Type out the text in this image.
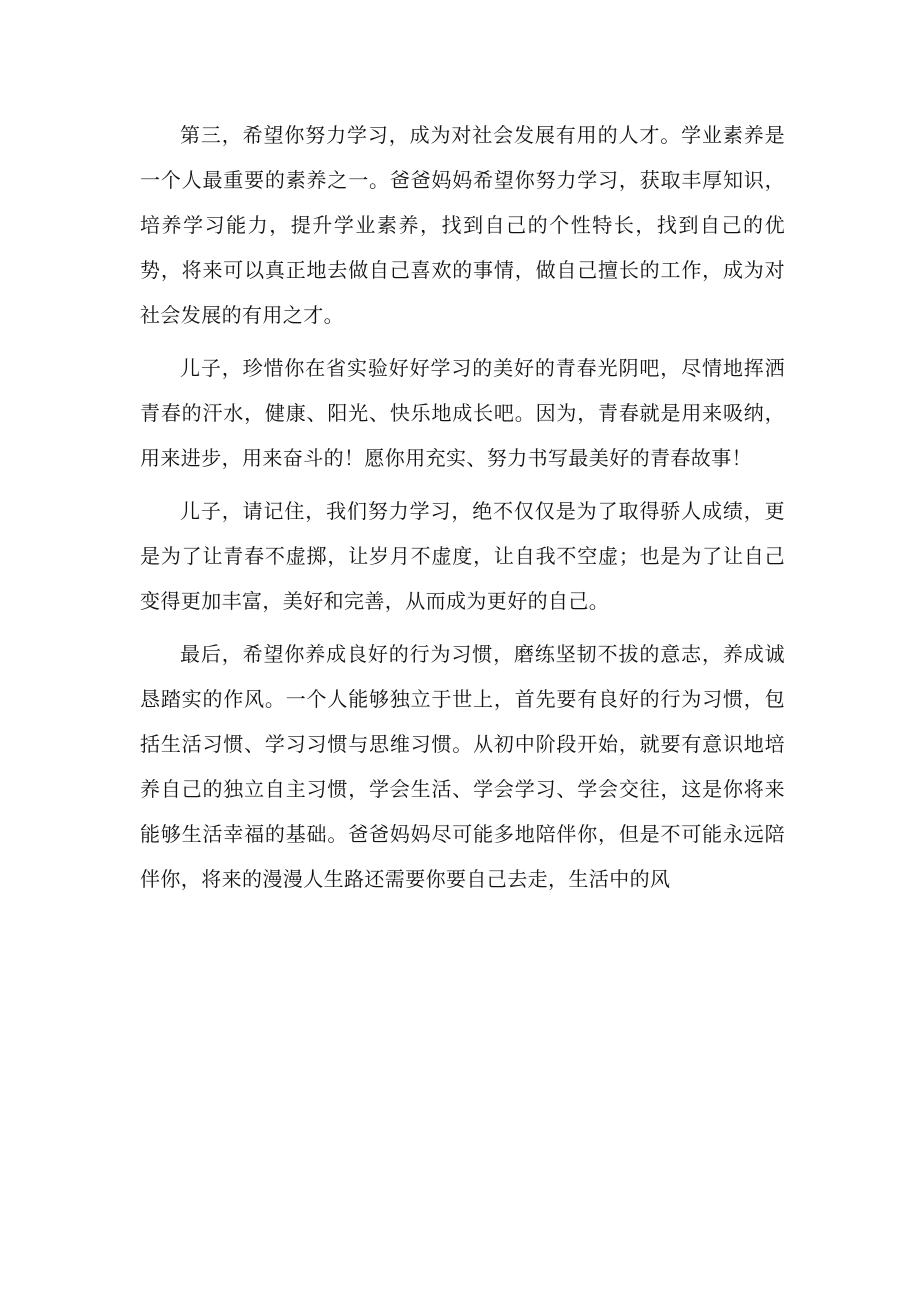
第三，希望你努力学习，成为对社会发展有用的人才。学业素养是一个人最重要的素养之一。爸爸妈妈希望你努力学习，获取丰厚知识，培养学习能力，提升学业素养，找到自己的个性特长，找到自己的优势，将来可以真正地去做自己喜欢的事情，做自己擅长的工作，成为对社会发展的有用之才。

儿子，珍惜你在省实验好好学习的美好的青春光阴吧，尽情地挥洒青春的汗水，健康、阳光、快乐地成长吧。因为，青春就是用来吸纳，用来进步，用来奋斗的！愿你用充实、努力书写最美好的青春故事！

儿子，请记住，我们努力学习，绝不仅仅是为了取得骄人成绩，更是为了让青春不虚掷，让岁月不虚度，让自我不空虚；也是为了让自己变得更加丰富，美好和完善，从而成为更好的自己。

最后，希望你养成良好的行为习惯，磨练坚韧不拔的意志，养成诚恳踏实的作风。一个人能够独立于世上，首先要有良好的行为习惯，包括生活习惯、学习习惯与思维习惯。从初中阶段开始，就要有意识地培养自己的独立自主习惯，学会生活、学会学习、学会交往，这是你将来能够生活幸福的基础。爸爸妈妈尽可能多地陪伴你，但是不可能永远陪伴你，将来的漫漫人生路还需要你要自己去走，生活中的风
